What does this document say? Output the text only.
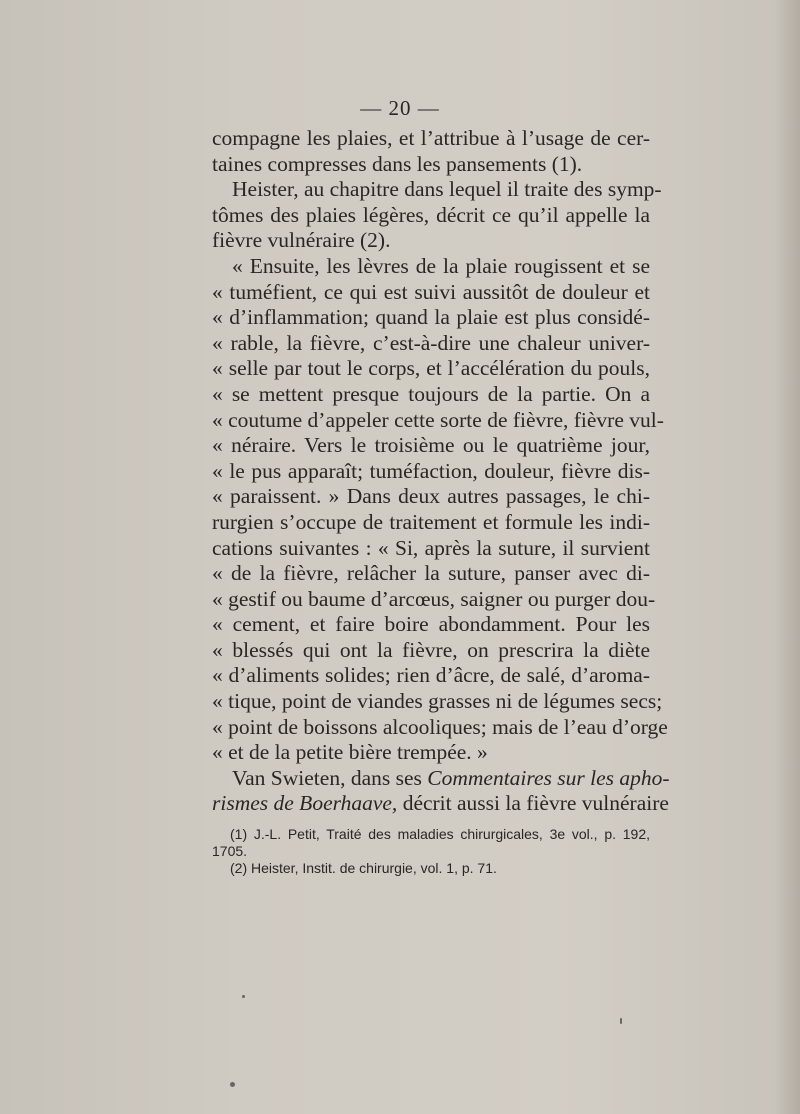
— 20 —
compagne les plaies, et l’attribue à l’usage de cer-
taines compresses dans les pansements (1).
Heister, au chapitre dans lequel il traite des symp-
tômes des plaies légères, décrit ce qu’il appelle la
fièvre vulnéraire (2).
« Ensuite, les lèvres de la plaie rougissent et se
« tuméfient, ce qui est suivi aussitôt de douleur et
« d’inflammation; quand la plaie est plus considé-
« rable, la fièvre, c’est-à-dire une chaleur univer-
« selle par tout le corps, et l’accélération du pouls,
« se mettent presque toujours de la partie. On a
« coutume d’appeler cette sorte de fièvre, fièvre vul-
« néraire. Vers le troisième ou le quatrième jour,
« le pus apparaît; tuméfaction, douleur, fièvre dis-
« paraissent. » Dans deux autres passages, le chi-
rurgien s’occupe de traitement et formule les indi-
cations suivantes : « Si, après la suture, il survient
« de la fièvre, relâcher la suture, panser avec di-
« gestif ou baume d’arcœus, saigner ou purger dou-
« cement, et faire boire abondamment. Pour les
« blessés qui ont la fièvre, on prescrira la diète
« d’aliments solides; rien d’âcre, de salé, d’aroma-
« tique, point de viandes grasses ni de légumes secs;
« point de boissons alcooliques; mais de l’eau d’orge
« et de la petite bière trempée. »
Van Swieten, dans ses Commentaires sur les apho-
rismes de Boerhaave, décrit aussi la fièvre vulnéraire
(1) J.-L. Petit, Traité des maladies chirurgicales, 3e vol., p. 192,
1705.
(2) Heister, Instit. de chirurgie, vol. 1, p. 71.
